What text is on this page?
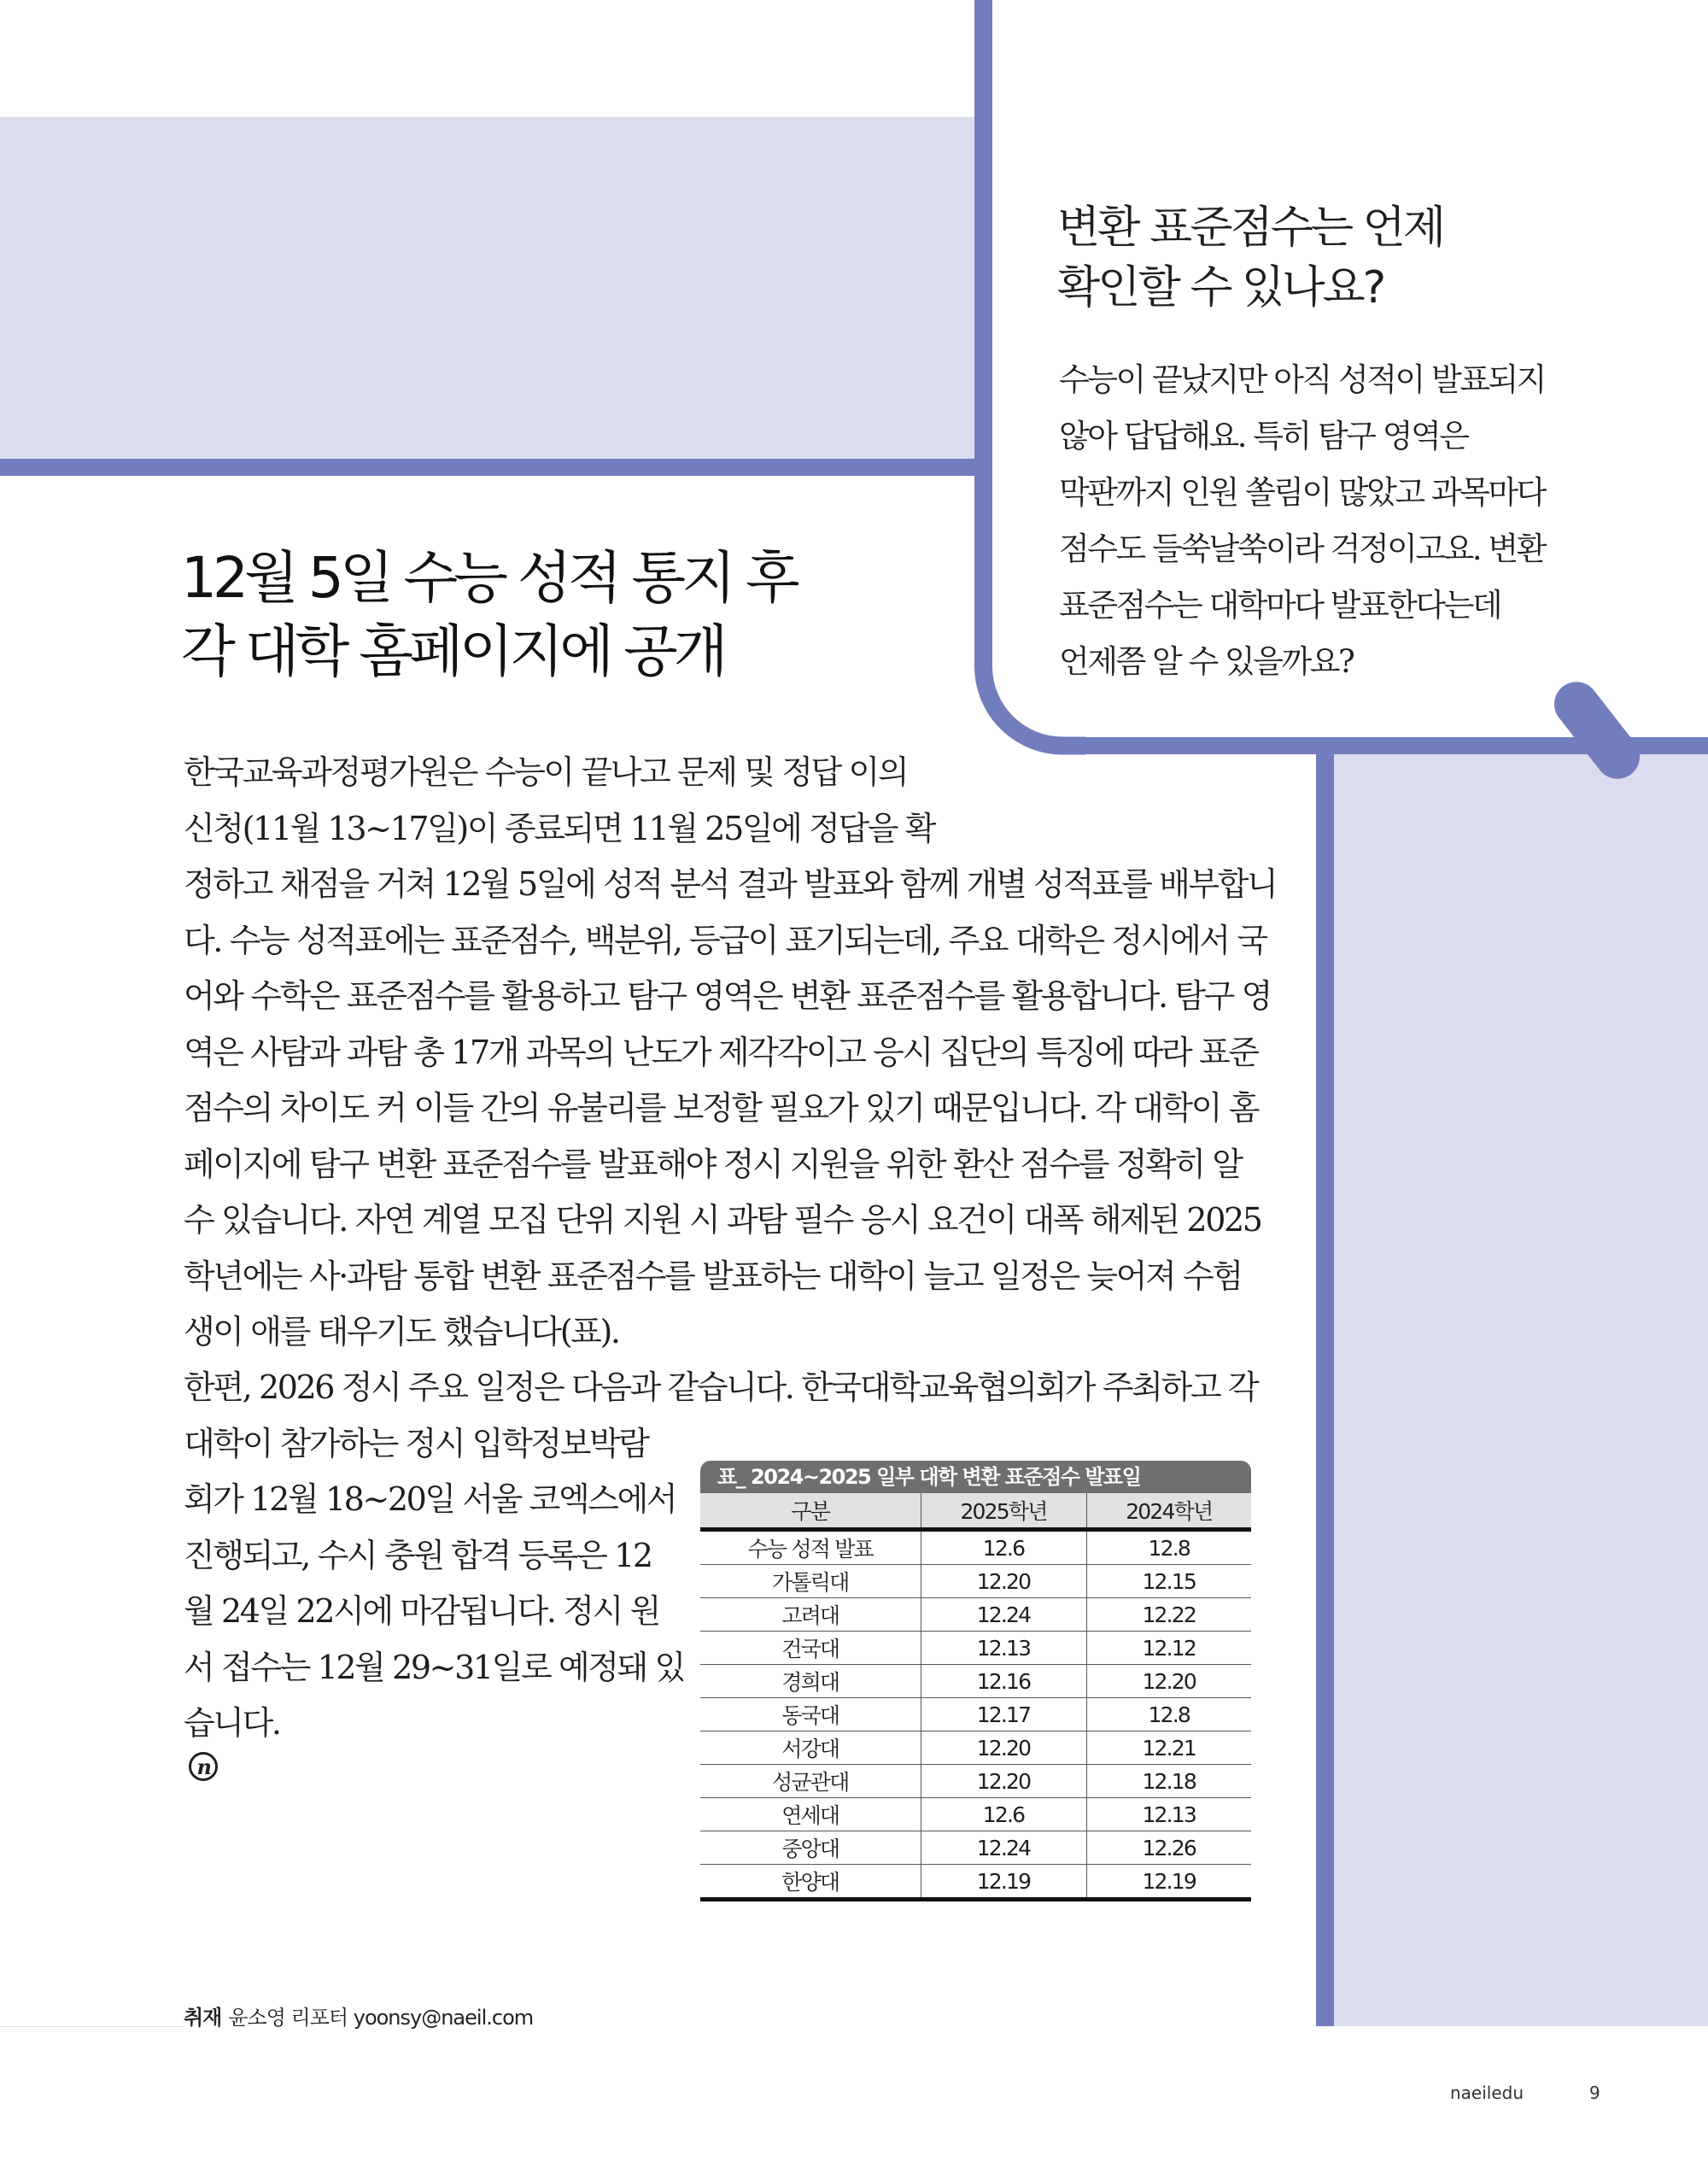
변환 표준점수는 언제
확인할 수 있나요?
수능이 끝났지만 아직 성적이 발표되지
않아 답답해요. 특히 탐구 영역은
막판까지 인원 쏠림이 많았고 과목마다
점수도 들쑥날쑥이라 걱정이고요. 변환
표준점수는 대학마다 발표한다는데
언제쯤 알 수 있을까요?
12월 5일 수능 성적 통지 후
각 대학 홈페이지에 공개
한국교육과정평가원은 수능이 끝나고 문제 및 정답 이의
신청(11월 13~17일)이 종료되면 11월 25일에 정답을 확
정하고 채점을 거쳐 12월 5일에 성적 분석 결과 발표와 함께 개별 성적표를 배부합니
다. 수능 성적표에는 표준점수, 백분위, 등급이 표기되는데, 주요 대학은 정시에서 국
어와 수학은 표준점수를 활용하고 탐구 영역은 변환 표준점수를 활용합니다. 탐구 영
역은 사탐과 과탐 총 17개 과목의 난도가 제각각이고 응시 집단의 특징에 따라 표준
점수의 차이도 커 이들 간의 유불리를 보정할 필요가 있기 때문입니다. 각 대학이 홈
페이지에 탐구 변환 표준점수를 발표해야 정시 지원을 위한 환산 점수를 정확히 알
수 있습니다. 자연 계열 모집 단위 지원 시 과탐 필수 응시 요건이 대폭 해제된 2025
학년에는 사·과탐 통합 변환 표준점수를 발표하는 대학이 늘고 일정은 늦어져 수험
생이 애를 태우기도 했습니다(표).
한편, 2026 정시 주요 일정은 다음과 같습니다. 한국대학교육협의회가 주최하고 각
대학이 참가하는 정시 입학정보박람
회가 12월 18~20일 서울 코엑스에서
진행되고, 수시 충원 합격 등록은 12
월 24일 22시에 마감됩니다. 정시 원
서 접수는 12월 29~31일로 예정돼 있
습니다.
n
표_ 2024~2025 일부 대학 변환 표준점수 발표일
구분	2025학년	2024학년
수능 성적 발표	12.6	12.8
가톨릭대	12.20	12.15
고려대	12.24	12.22
건국대	12.13	12.12
경희대	12.16	12.20
동국대	12.17	12.8
서강대	12.20	12.21
성균관대	12.20	12.18
연세대	12.6	12.13
중앙대	12.24	12.26
한양대	12.19	12.19
취재 윤소영 리포터 yoonsy@naeil.com
naeiledu	9
